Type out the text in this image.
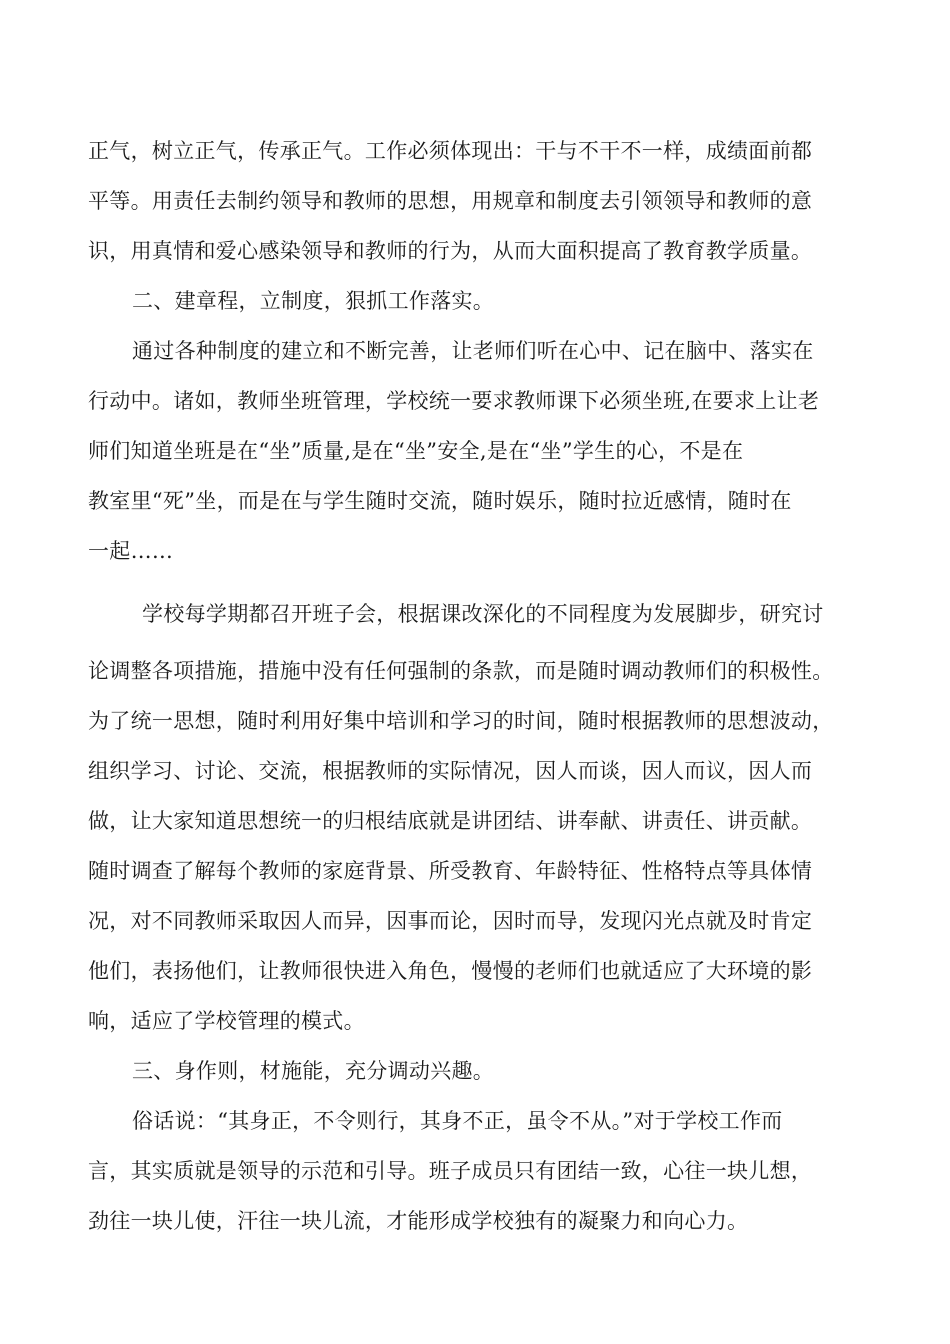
正气，树立正气，传承正气。工作必须体现出：干与不干不一样，成绩面前都
平等。用责任去制约领导和教师的思想，用规章和制度去引领领导和教师的意
识，用真情和爱心感染领导和教师的行为，从而大面积提高了教育教学质量。
二、建章程，立制度，狠抓工作落实。
通过各种制度的建立和不断完善，让老师们听在心中、记在脑中、落实在
行动中。诸如，教师坐班管理，学校统一要求教师课下必须坐班,在要求上让老
师们知道坐班是在“坐”质量,是在“坐”安全,是在“坐”学生的心，不是在
教室里“死”坐，而是在与学生随时交流，随时娱乐，随时拉近感情，随时在
一起……
学校每学期都召开班子会，根据课改深化的不同程度为发展脚步，研究讨
论调整各项措施，措施中没有任何强制的条款，而是随时调动教师们的积极性。
为了统一思想，随时利用好集中培训和学习的时间，随时根据教师的思想波动，
组织学习、讨论、交流，根据教师的实际情况，因人而谈，因人而议，因人而
做，让大家知道思想统一的归根结底就是讲团结、讲奉献、讲责任、讲贡献。
随时调查了解每个教师的家庭背景、所受教育、年龄特征、性格特点等具体情
况，对不同教师采取因人而异，因事而论，因时而导，发现闪光点就及时肯定
他们，表扬他们，让教师很快进入角色，慢慢的老师们也就适应了大环境的影
响，适应了学校管理的模式。
三、身作则，材施能，充分调动兴趣。
俗话说：“其身正，不令则行，其身不正，虽令不从。”对于学校工作而
言，其实质就是领导的示范和引导。班子成员只有团结一致，心往一块儿想，
劲往一块儿使，汗往一块儿流，才能形成学校独有的凝聚力和向心力。
